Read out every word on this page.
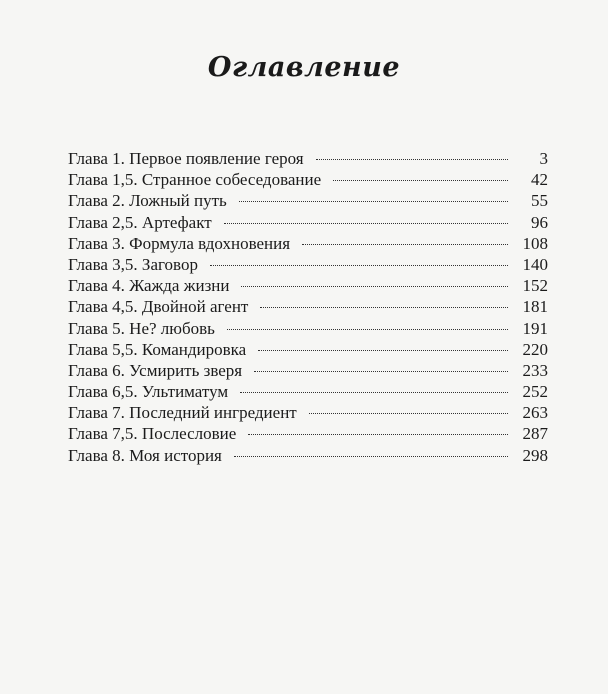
Оглавление
Глава 1. Первое появление героя	3
Глава 1,5. Странное собеседование	42
Глава 2. Ложный путь	55
Глава 2,5. Артефакт	96
Глава 3. Формула вдохновения	108
Глава 3,5. Заговор	140
Глава 4. Жажда жизни	152
Глава 4,5. Двойной агент	181
Глава 5. Не? любовь	191
Глава 5,5. Командировка	220
Глава 6. Усмирить зверя	233
Глава 6,5. Ультиматум	252
Глава 7. Последний ингредиент	263
Глава 7,5. Послесловие	287
Глава 8. Моя история	298
